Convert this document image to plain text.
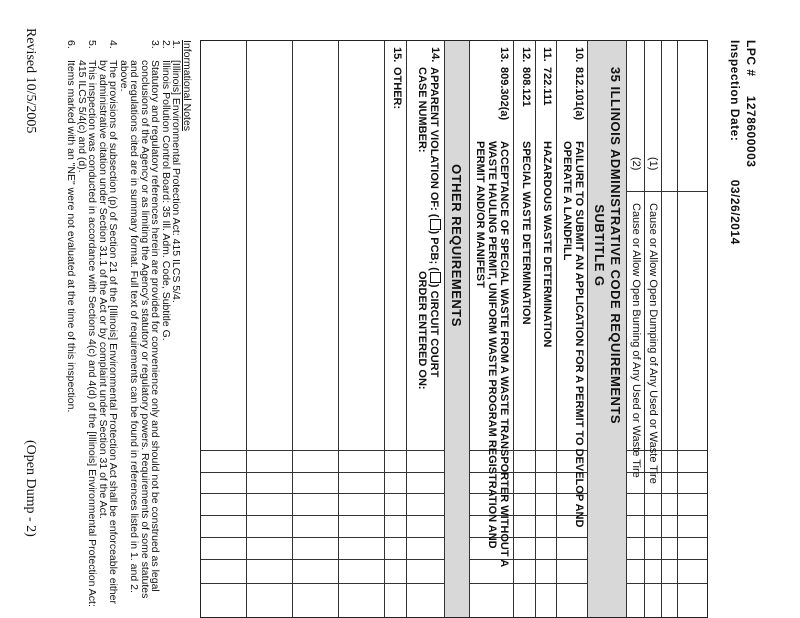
LPC #     1278600003
Inspection Date:          03/26/2014
(1)
Cause or Allow Open Dumping of Any Used or Waste Tire
(2)
Cause or Allow Open Burning of Any Used or Waste Tire
35 ILLINOIS ADMINISTRATIVE CODE REQUIREMENTS
SUBTITLE G
10.
812.101(a)
FAILURE TO SUBMIT AN APPLICATION FOR A PERMIT TO DEVELOP AND
OPERATE A LANDFILL
11.
722.111
HAZARDOUS WASTE DETERMINATION
12.
808.121
SPECIAL WASTE DETERMINATION
13.
809.302(a)
ACCEPTANCE OF SPECIAL WASTE FROM A WASTE TRANSPORTER WITHOUT A
WASTE HAULING PERMIT, UNIFORM WASTE PROGRAM REGISTRATION AND
PERMIT AND/OR MANIFEST
OTHER REQUIREMENTS
14.
APPARENT VIOLATION OF: () PCB; () CIRCUIT COURT
CASE NUMBER:
ORDER ENTERED ON:
15.
OTHER:
Informational Notes
1.
[Illinois] Environmental Protection Act: 415 ILCS 5/4.
2.
Illinois Pollution Control Board: 35 Ill. Adm. Code, Subtitle G.
3.
Statutory and regulatory references herein are provided for convenience only and should not be construed as legal
conclusions of the Agency or as limiting the Agency's statutory or regulatory powers. Requirements of some statutes
and regulations cited are in summary format. Full text of requirements can be found in references listed in 1. and 2.
above.
4.
The provisions of subsection (p) of Section 21 of the [Illinois] Environmental Protection Act shall be enforceable either
by administrative citation under Section 31.1 of the Act or by complaint under Section 31 of the Act.
5.
This inspection was conducted in accordance with Sections 4(c) and 4(d) of the [Illinois] Environmental Protection Act:
415 ILCS 5/4(c) and (d).
6.
Items marked with an "NE" were not evaluated at the time of this inspection.
Revised 10/5/2005
(Open Dump - 2)
